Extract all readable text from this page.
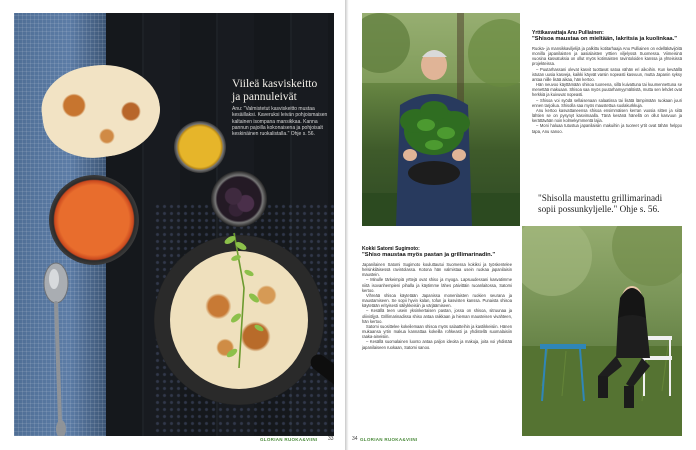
Viileä kasviskeitto ja pannuleivät

Anu: "Valmistetut kasviskeitto mustaa kesäillaksi. Kaveruksi leivän pohjoismaisen kaltainen isompana mansikkaa. Kanna pannun pajoilla kokonaisena ja pohjoisalt keskinäinen ruokalistalla." Ohje s. 56.

GLORIAN RUOKA&VIINI 33

Yrttikasvattaja Anu Pulliainen:

"Shisoa maustaa on mieltään, lakritsia ja kuolinkaa."

Ruoka- ja mansikkaviljelijä ja palkittu kotitarhaaja Anu Pulliainen on edelläkävijöitä monilla japanilaisten ja aasialaisten yrttien viljelyssä Suomessa. Viimeisinä vuosina kasvatuksia on ollut myös kotimaisten ravintoloiden kanssa ja yhteisissä projekteissa.

– Puutarhassani olevat kasvit tuottavat satoa vähän eri aikoihin. Kun keväällä istutan uusia kasveja, kaikki käyvät varsin nopeasti kasvuun, mutta Japanin syksy antaa niille lisää aikaa, hän kertoo.

Hän neuvoo käyttämään shisoa tuoreena, sillä kuivattuna tai kuumennettuna se menettää makuaan. Shisoa saa myös puutarhamyymälöistä, mutta sen lehdet ovat herkkiä ja kuivuvat nopeasti.

– Shisoa voi syödä sellaisenaan salaatissa tai lisätä lämpimään ruokaan juuri ennen tarjoilua. Shisolla saa myös maustettua suolakurkkuja.

Anu kertoo kasvattaneensa shisoa ensimmäisen kerran vuosia sitten ja siitä lähtien se on pysynyt kasvimaalla. Tänä kesänä hänellä on ollut kasvuun ja kerättävään noin kolmekymmentä lajia.

– Moni haluaa tutustua japanilaisiin makuihin ja tuoreet yrtit ovat tähän helppo tapa, Anu sanoo.

"Shisolla maustettu grillimarinadi sopii possunkyljelle." Ohje s. 56.

Kokki Satomi Sugimoto:

"Shiso maustaa myös pastan ja grillimarinadin."

Japanilainen Satomi Sugimoto kouluttautui Suomessa kokiksi ja työskentelee helsinkiläisessä ravintolassa. Kotona hän valmistaa usein ruokaa japanilaisin maustein.

– Minulle tärkeimpiä yrttejä ovat shiso ja myoga. Lapsuudessani kasvatimme niitä isovanhempieni pihalla ja käytimme lähes päivittäin ruoanlaitossa, Satomi kertoo.

Vihreää shisoa käytetään Japanissa monenlaisten ruokien seurana ja maustamiseen. Se sopii hyvin kalan, tofun ja kasvisten kanssa. Punaista shisoa käytetään erityisesti säilykkeisiin ja värjäämiseen.

– Kesällä teen usein yksinkertaisen pastan, jossa on shisoa, sitruunaa ja oliiviöljyä. Grillimarinadissa shiso antaa raikkaan ja hieman mausteisen vivahteen, hän kertoo.

Satomi suosittelee kokeilemaan shisoa myös salaatteihin ja kastikkeisiin. Hänen mukaansa yrtin makua kannattaa kokeilla rohkeasti ja yhdistellä suomalaisiin raaka-aineisiin.

– Kesällä suomalainen luonto antaa paljon ideoita ja makuja, joita voi yhdistää japanilaiseen ruokaan, Satomi sanoo.

GLORIAN RUOKA&VIINI

34
